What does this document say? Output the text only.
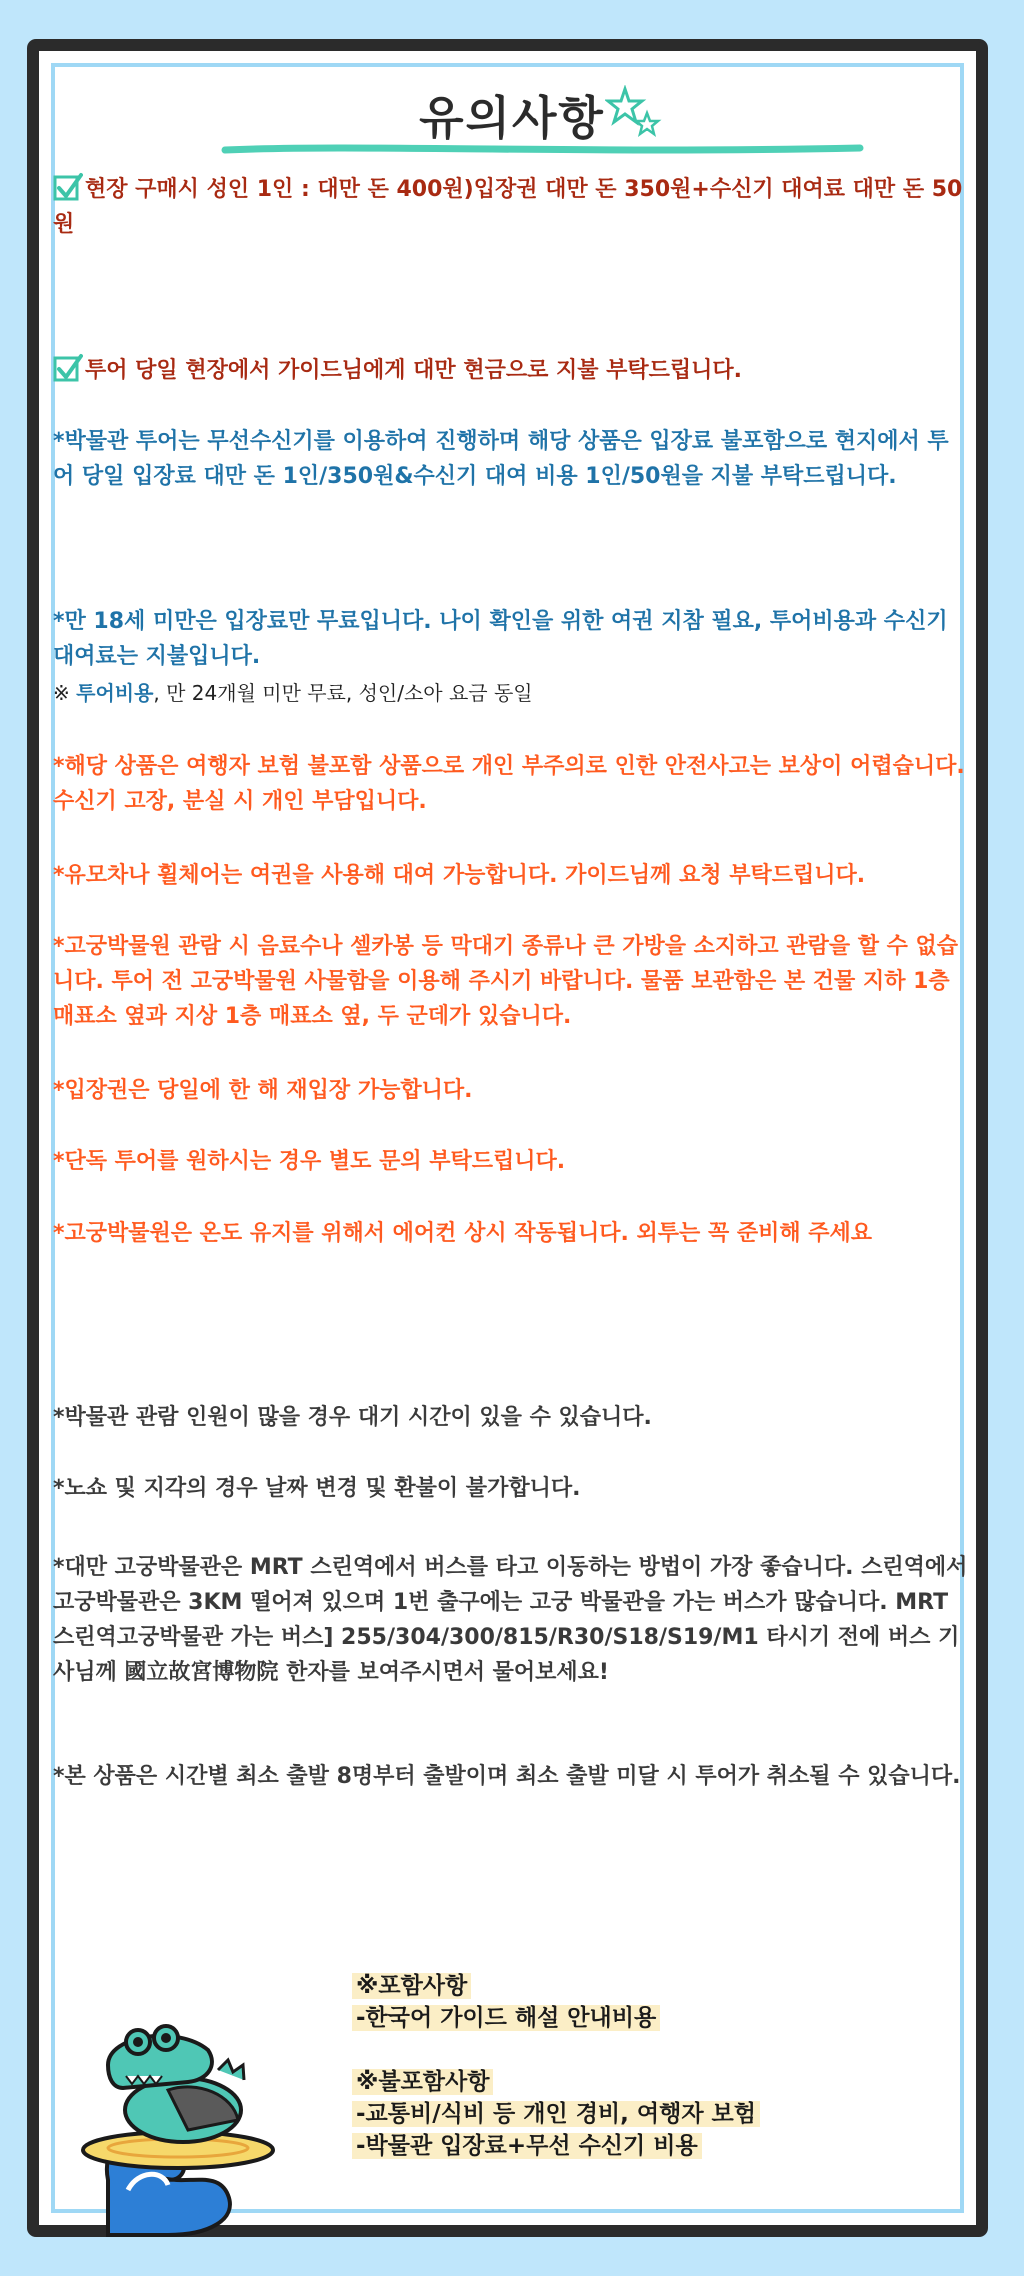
유의사항
현장 구매시 성인 1인 : 대만 돈 400원)입장권 대만 돈 350원+수신기 대여료 대만 돈 50원
투어 당일 현장에서 가이드님에게 대만 현금으로 지불 부탁드립니다.
*박물관 투어는 무선수신기를 이용하여 진행하며 해당 상품은 입장료 불포함으로 현지에서 투어 당일 입장료 대만 돈 1인/350원&수신기 대여 비용 1인/50원을 지불 부탁드립니다.
*만 18세 미만은 입장료만 무료입니다. 나이 확인을 위한 여권 지참 필요, 투어비용과 수신기 대여료는 지불입니다.
※ 투어비용, 만 24개월 미만 무료, 성인/소아 요금 동일
*해당 상품은 여행자 보험 불포함 상품으로 개인 부주의로 인한 안전사고는 보상이 어렵습니다. 수신기 고장, 분실 시 개인 부담입니다.
*유모차나 휠체어는 여권을 사용해 대여 가능합니다. 가이드님께 요청 부탁드립니다.
*고궁박물원 관람 시 음료수나 셀카봉 등 막대기 종류나 큰 가방을 소지하고 관람을 할 수 없습니다. 투어 전 고궁박물원 사물함을 이용해 주시기 바랍니다. 물품 보관함은 본 건물 지하 1층 매표소 옆과 지상 1층 매표소 옆, 두 군데가 있습니다.
*입장권은 당일에 한 해 재입장 가능합니다.
*단독 투어를 원하시는 경우 별도 문의 부탁드립니다.
*고궁박물원은 온도 유지를 위해서 에어컨 상시 작동됩니다. 외투는 꼭 준비해 주세요
*박물관 관람 인원이 많을 경우 대기 시간이 있을 수 있습니다.
*노쇼 및 지각의 경우 날짜 변경 및 환불이 불가합니다.
*대만 고궁박물관은 MRT 스린역에서 버스를 타고 이동하는 방법이 가장 좋습니다. 스린역에서 고궁박물관은 3KM 떨어져 있으며 1번 출구에는 고궁 박물관을 가는 버스가 많습니다. MRT 스린역고궁박물관 가는 버스] 255/304/300/815/R30/S18/S19/M1 타시기 전에 버스 기사님께 國立故宮博物院 한자를 보여주시면서 물어보세요!
*본 상품은 시간별 최소 출발 8명부터 출발이며 최소 출발 미달 시 투어가 취소될 수 있습니다.
※포함사항
-한국어 가이드 해설 안내비용
※불포함사항
-교통비/식비 등 개인 경비, 여행자 보험
-박물관 입장료+무선 수신기 비용
